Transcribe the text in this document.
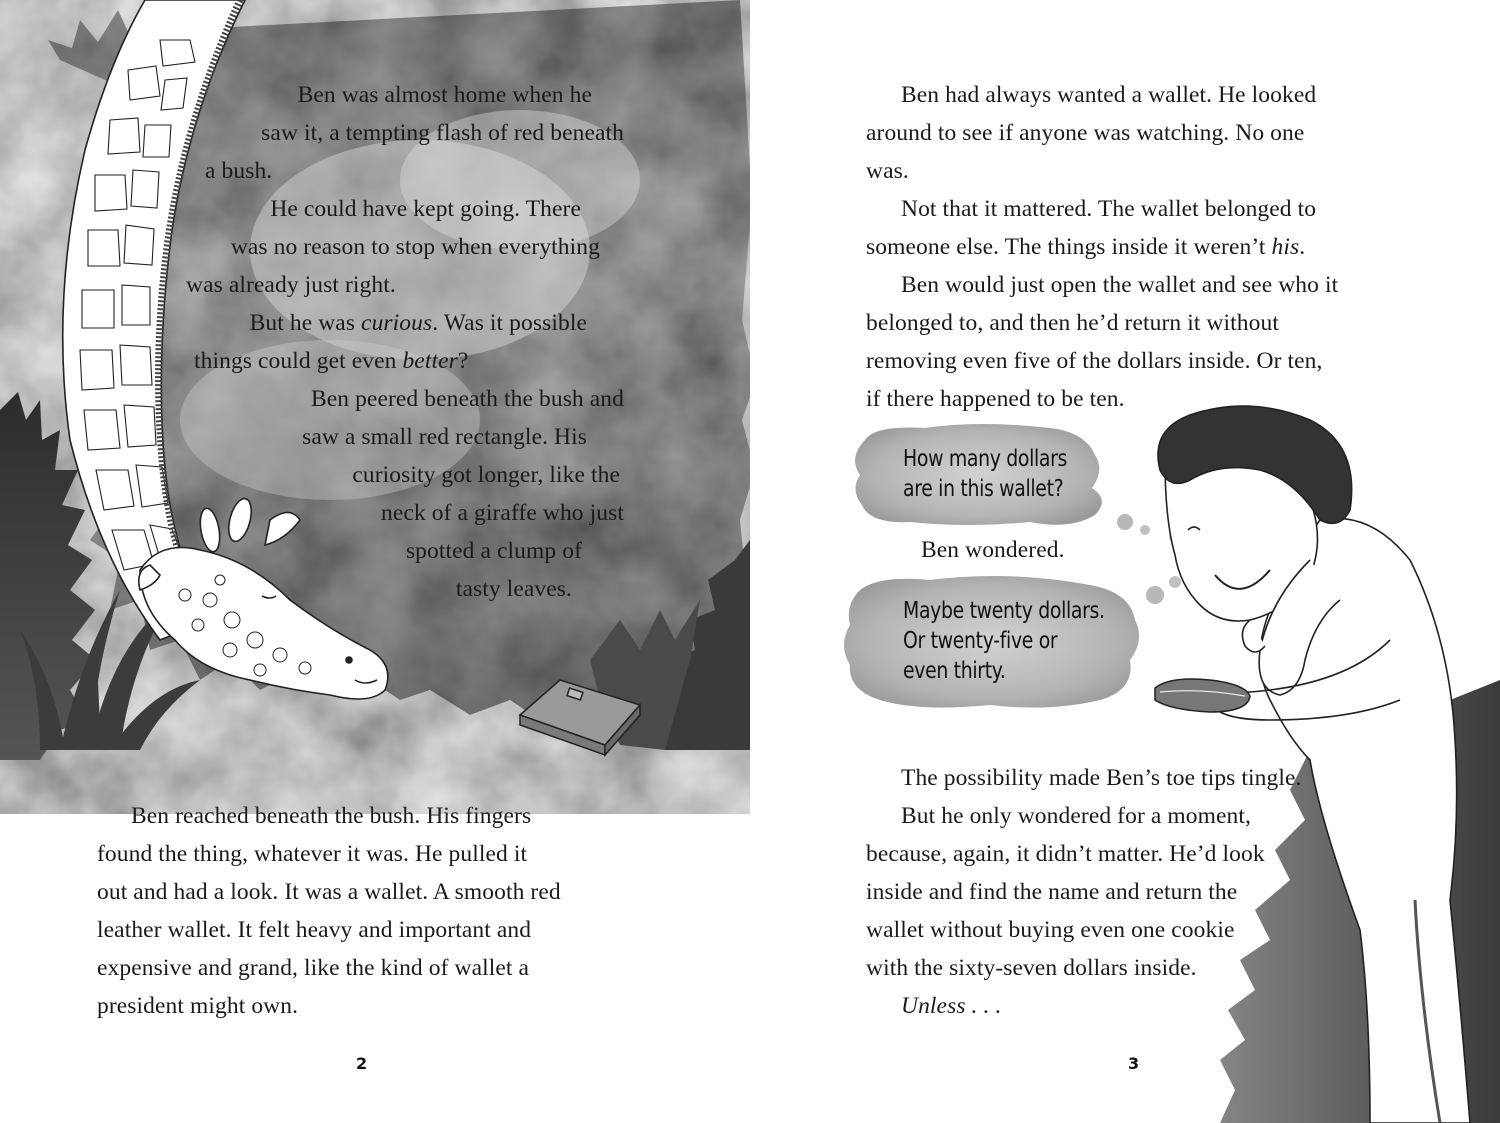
Ben was almost home when he
saw it, a tempting flash of red beneath
a bush.
He could have kept going. There
was no reason to stop when everything
was already just right.
But he was curious. Was it possible
things could get even better?
Ben peered beneath the bush and
saw a small red rectangle. His
curiosity got longer, like the
neck of a giraffe who just
spotted a clump of
tasty leaves.
Ben reached beneath the bush. His fingers
found the thing, whatever it was. He pulled it
out and had a look. It was a wallet. A smooth red
leather wallet. It felt heavy and important and
expensive and grand, like the kind of wallet a
president might own.
2
Ben had always wanted a wallet. He looked
around to see if anyone was watching. No one
was.
Not that it mattered. The wallet belonged to
someone else. The things inside it weren’t his.
Ben would just open the wallet and see who it
belonged to, and then he’d return it without
removing even five of the dollars inside. Or ten,
if there happened to be ten.
How many dollars
are in this wallet?
Ben wondered.
Maybe twenty dollars.
Or twenty-five or
even thirty.
The possibility made Ben’s toe tips tingle.
But he only wondered for a moment,
because, again, it didn’t matter. He’d look
inside and find the name and return the
wallet without buying even one cookie
with the sixty-seven dollars inside.
Unless . . .
3
